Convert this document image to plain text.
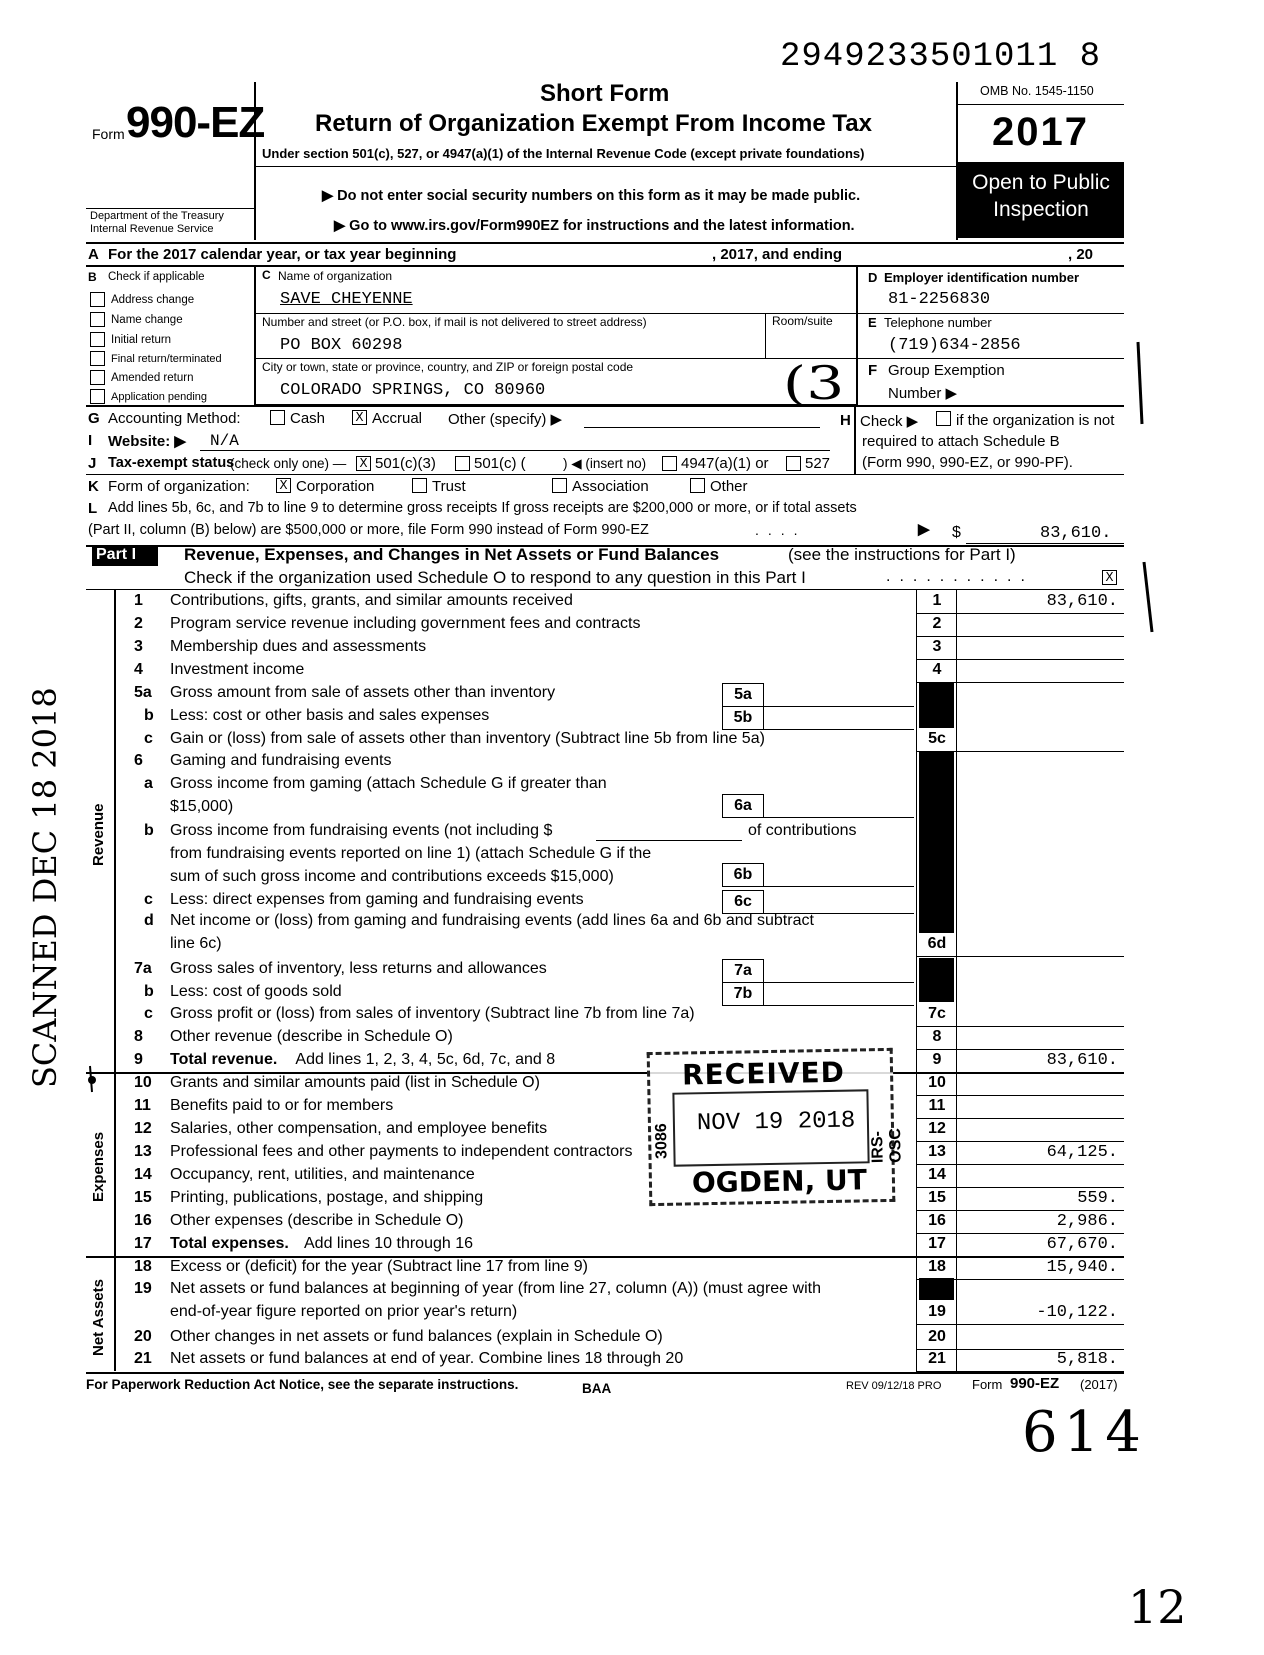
2949233501011 8
Form 990-EZ
Short Form
Return of Organization Exempt From Income Tax
Under section 501(c), 527, or 4947(a)(1) of the Internal Revenue Code (except private foundations)
▶ Do not enter social security numbers on this form as it may be made public.
▶ Go to www.irs.gov/Form990EZ for instructions and the latest information.
Department of the Treasury
Internal Revenue Service
OMB No. 1545-1150
2017
Open to Public
Inspection
A For the 2017 calendar year, or tax year beginning	, 2017, and ending	, 20
B Check if applicable
Address change
Name change
Initial return
Final return/terminated
Amended return
Application pending
C Name of organization
SAVE CHEYENNE
Number and street (or P.O. box, if mail is not delivered to street address)	Room/suite
PO BOX 60298
City or town, state or province, country, and ZIP or foreign postal code
COLORADO SPRINGS, CO 80960	(3
D Employer identification number
81-2256830
E Telephone number
(719)634-2856
F Group Exemption
Number ▶
G Accounting Method:	Cash	X Accrual Other (specify) ▶	H Check ▶	if the organization is not
required to attach Schedule B
(Form 990, 990-EZ, or 990-PF).
I Website: ▶ N/A
J Tax-exempt status
(check only one) — X 501(c)(3)	501(c) (	) ◀ (insert no) 4947(a)(1) or 527
K Form of organization: X Corporation	Trust	Association	Other
L Add lines 5b, 6c, and 7b to line 9 to determine gross receipts If gross receipts are $200,000 or more, or if total assets
(Part II, column (B) below) are $500,000 or more, file Form 990 instead of Form 990-EZ	....	▶ $	83,610.
Part I	Revenue, Expenses, and Changes in Net Assets or Fund Balances	(see the instructions for Part I)
Check if the organization used Schedule O to respond to any question in this Part I	...........	X
Revenue
Expenses
Net Assets
1 Contributions, gifts, grants, and similar amounts received	1	83,610.
2 Program service revenue including government fees and contracts	2
3 Membership dues and assessments	3
4 Investment income	4
5a Gross amount from sale of assets other than inventory	5a
b Less: cost or other basis and sales expenses	5b
c Gain or (loss) from sale of assets other than inventory (Subtract line 5b from line 5a)	5c
6 Gaming and fundraising events
a Gross income from gaming (attach Schedule G if greater than
$15,000)	6a
b Gross income from fundraising events (not including $	of contributions
from fundraising events reported on line 1) (attach Schedule G if the
sum of such gross income and contributions exceeds $15,000)	6b
c Less: direct expenses from gaming and fundraising events	6c
d Net income or (loss) from gaming and fundraising events (add lines 6a and 6b and subtract
line 6c)	6d
7a Gross sales of inventory, less returns and allowances	7a
b Less: cost of goods sold	7b
c Gross profit or (loss) from sales of inventory (Subtract line 7b from line 7a)	7c
8 Other revenue (describe in Schedule O)	8
9 Total revenue. Add lines 1, 2, 3, 4, 5c, 6d, 7c, and 8	9	83,610.
10 Grants and similar amounts paid (list in Schedule O)	10
11 Benefits paid to or for members	11
12 Salaries, other compensation, and employee benefits	12
13 Professional fees and other payments to independent contractors	13	64,125.
14 Occupancy, rent, utilities, and maintenance	14
15 Printing, publications, postage, and shipping	15	559.
16 Other expenses (describe in Schedule O)	16	2,986.
17 Total expenses. Add lines 10 through 16	17	67,670.
18 Excess or (deficit) for the year (Subtract line 17 from line 9)	18	15,940.
19 Net assets or fund balances at beginning of year (from line 27, column (A)) (must agree with
end-of-year figure reported on prior year's return)	19	-10,122.
20 Other changes in net assets or fund balances (explain in Schedule O)	20
21 Net assets or fund balances at end of year. Combine lines 18 through 20	21	5,818.
RECEIVED
NOV 19 2018
OGDEN, UT
3086	IRS-OSC
For Paperwork Reduction Act Notice, see the separate instructions.	BAA	REV 09/12/18 PRO Form 990-EZ (2017)
SCANNED DEC 18 2018
614
12
